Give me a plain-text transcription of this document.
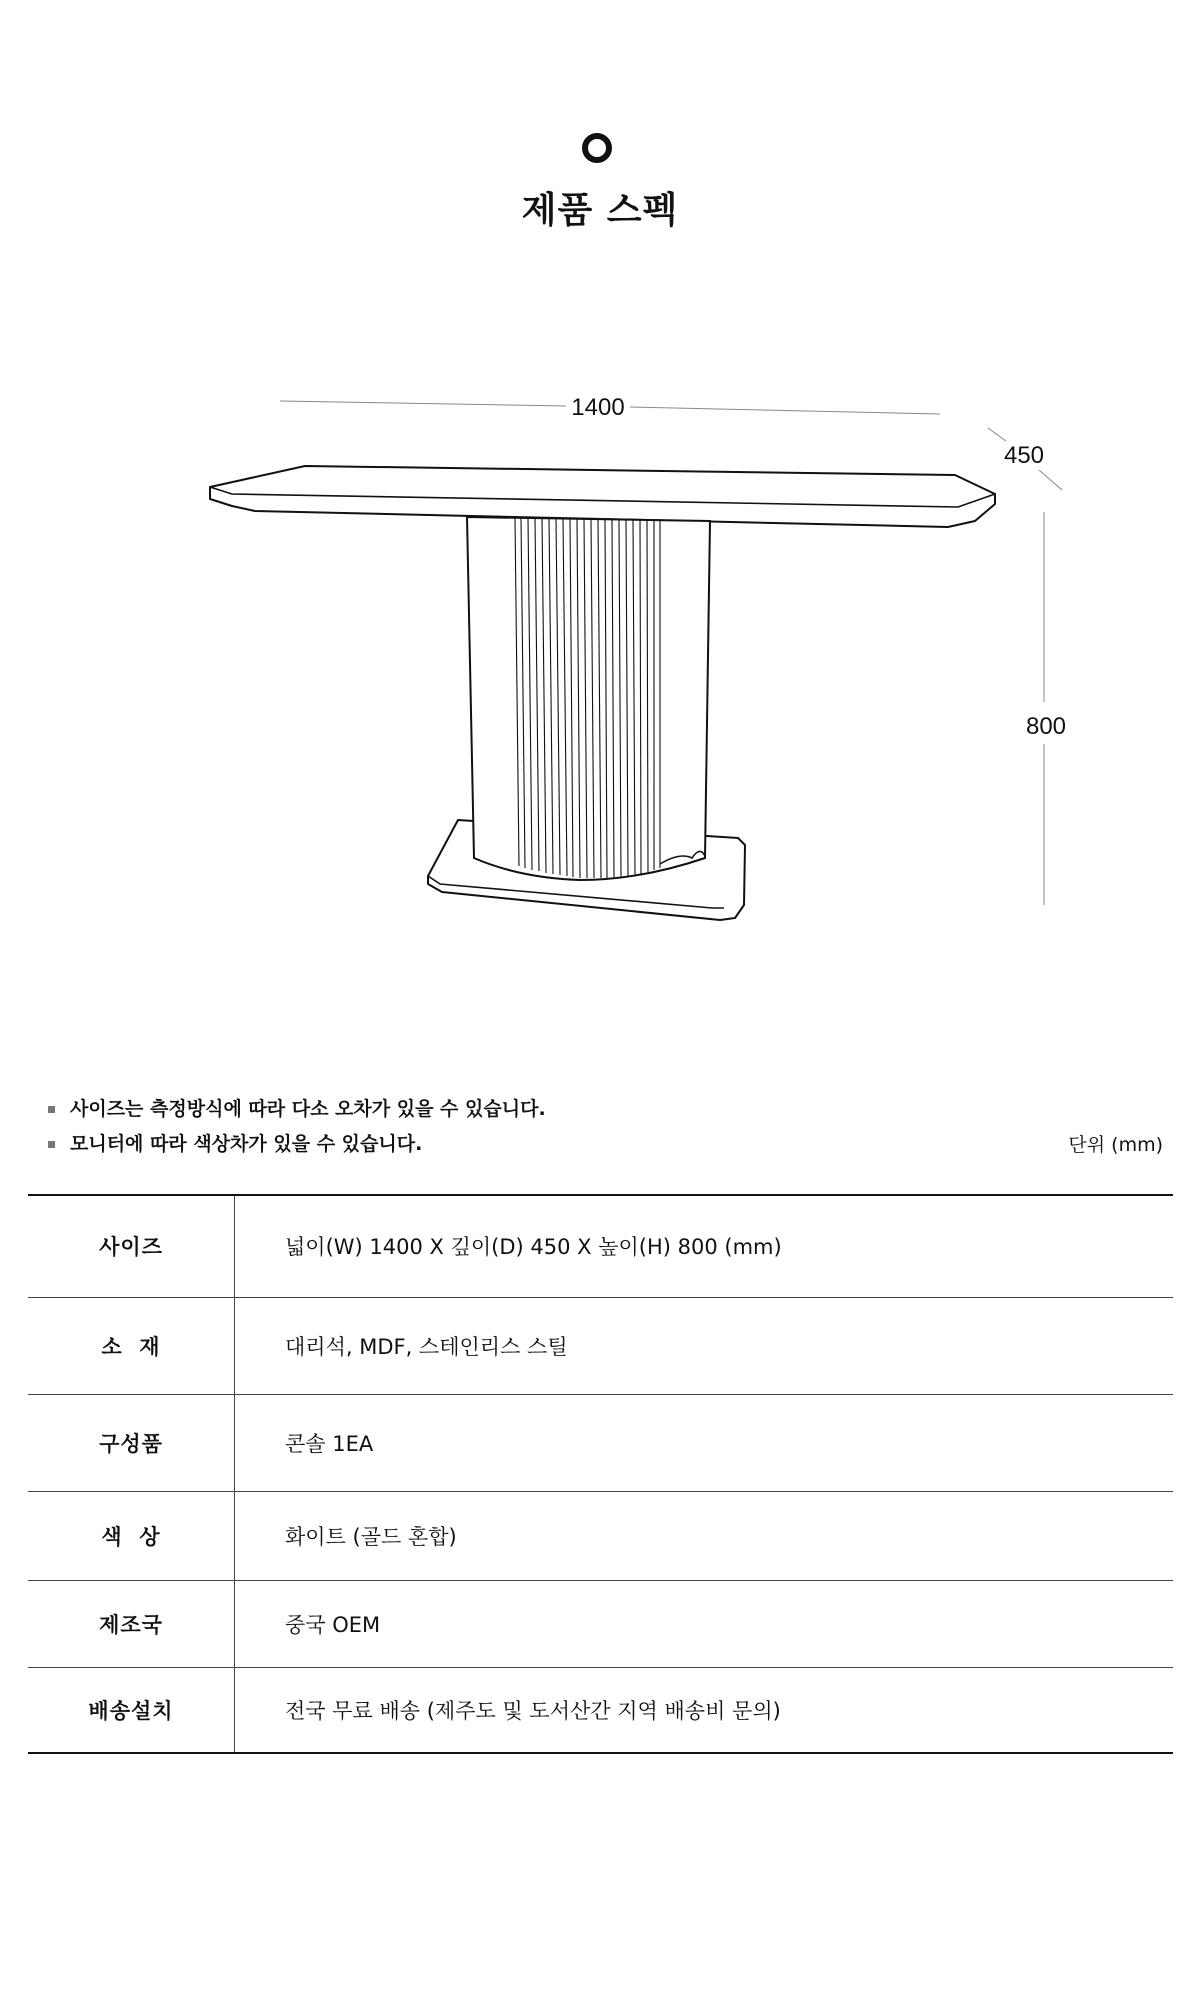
제품 스펙
1400
450
800
사이즈는 측정방식에 따라 다소 오차가 있을 수 있습니다.
모니터에 따라 색상차가 있을 수 있습니다.	단위 (mm)
사이즈	넓이(W) 1400 X 깊이(D) 450 X 높이(H) 800 (mm)
소  재	대리석, MDF, 스테인리스 스틸
구성품	콘솔 1EA
색  상	화이트 (골드 혼합)
제조국	중국 OEM
배송설치	전국 무료 배송 (제주도 및 도서산간 지역 배송비 문의)
